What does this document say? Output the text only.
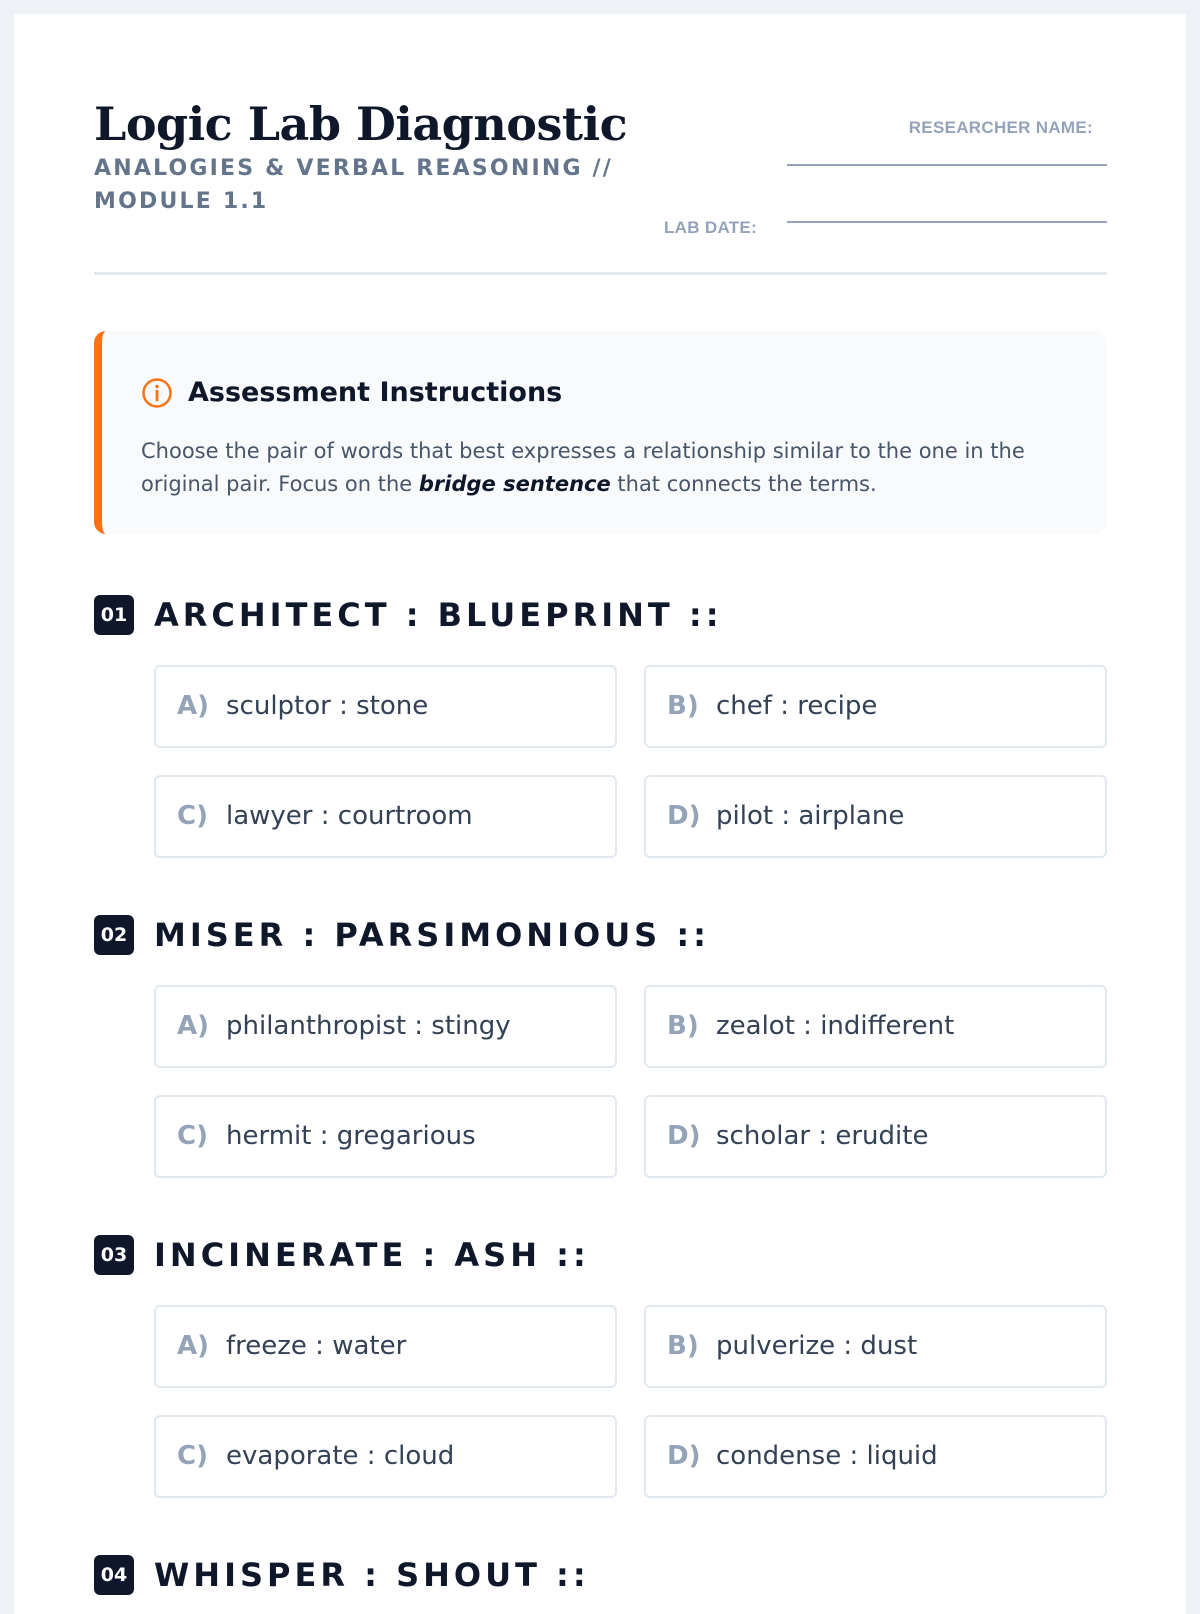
Logic Lab Diagnostic

ANALOGIES & VERBAL REASONING // MODULE 1.1

RESEARCHER NAME:
LAB DATE:
Assessment Instructions

Choose the pair of words that best expresses a relationship similar to the one in the original pair. Focus on the bridge sentence that connects the terms.

01 ARCHITECT : BLUEPRINT ::
A) sculptor : stone	B) chef : recipe
C) lawyer : courtroom	D) pilot : airplane
02 MISER : PARSIMONIOUS ::
A) philanthropist : stingy	B) zealot : indifferent
C) hermit : gregarious	D) scholar : erudite
03 INCINERATE : ASH ::
A) freeze : water	B) pulverize : dust
C) evaporate : cloud	D) condense : liquid
04 WHISPER : SHOUT ::
